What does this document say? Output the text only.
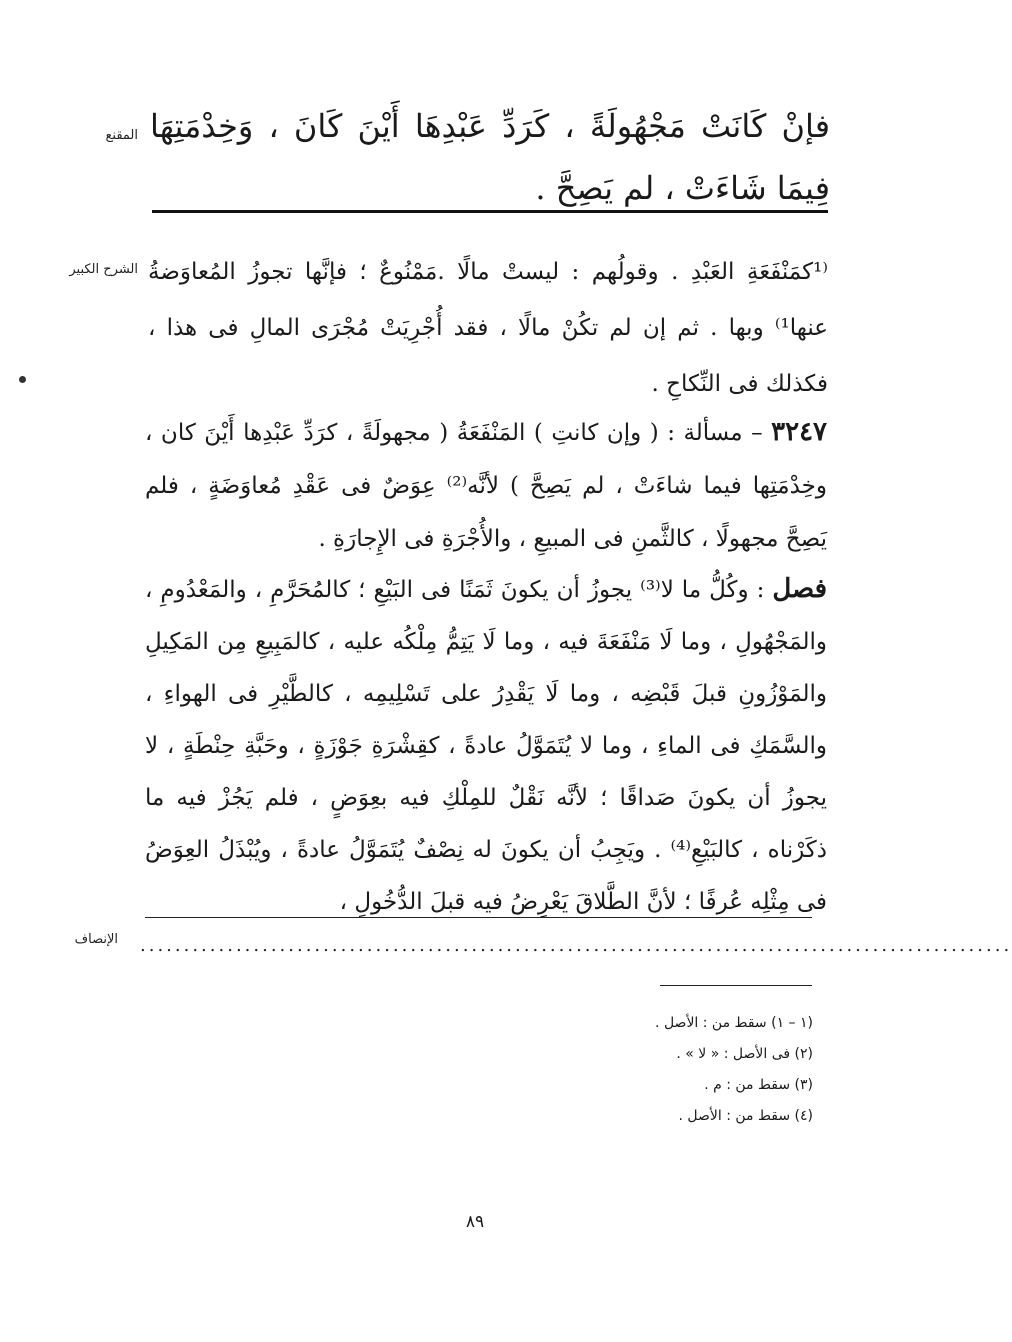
المقنع فإنْ كَانَتْ مَجْهُولَةً ، كَرَدِّ عَبْدِهَا أَيْنَ كَانَ ، وَخِدْمَتِهَا فِيمَا شَاءَتْ ، لم يَصِحَّ .
الشرح الكبير ⁽¹كمَنْفَعَةِ العَبْدِ . وقولُهم : ليستْ مالًا .مَمْنُوعٌ ؛ فإنَّها تجوزُ المُعاوَضةُ عنها¹⁾ وبها . ثم إن لم تكُنْ مالًا ، فقد أُجْرِيَتْ مُجْرَى المالِ فى هذا ، فكذلك فى النِّكاحِ .
٣٢٤٧ – مسألة : ( وإن كانتِ ) المَنْفَعَةُ ( مجهولَةً ، كرَدِّ عَبْدِها أَيْنَ كان ، وخِدْمَتِها فيما شاءَتْ ، لم يَصِحَّ ) لأنَّه⁽²⁾ عِوَضٌ فى عَقْدِ مُعاوَضَةٍ ، فلم يَصِحَّ مجهولًا ، كالثَّمنِ فى المبيعِ ، والأُجْرَةِ فى الإِجارَةِ .
فصل : وكُلُّ ما لا⁽³⁾ يجوزُ أن يكونَ ثَمَنًا فى البَيْعِ ؛ كالمُحَرَّمِ ، والمَعْدُومِ ، والمَجْهُولِ ، وما لَا مَنْفَعَةَ فيه ، وما لَا يَتِمُّ مِلْكُه عليه ، كالمَبِيعِ مِن المَكِيلِ والمَوْزُونِ قبلَ قَبْضِه ، وما لَا يَقْدِرُ على تَسْلِيمِه ، كالطَّيْرِ فى الهواءِ ، والسَّمَكِ فى الماءِ ، وما لا يُتَمَوَّلُ عادةً ، كقِشْرَةِ جَوْزَةٍ ، وحَبَّةِ حِنْطَةٍ ، لا يجوزُ أن يكونَ صَداقًا ؛ لأنَّه نَقْلٌ للمِلْكِ فيه بعِوَضٍ ، فلم يَجُزْ فيه ما ذكَرْناه ، كالبَيْعِ⁽⁴⁾ . ويَجِبُ أن يكونَ له نِصْفٌ يُتَمَوَّلُ عادةً ، ويُبْذَلُ العِوَضُ فى مِثْلِه عُرفًا ؛ لأنَّ الطَّلاقَ يَعْرِضُ فيه قبلَ الدُّخُولِ ،
الإنصاف ....................................................................................................
(١ – ١) سقط من : الأصل .
(٢) فى الأصل : « لا » .
(٣) سقط من : م .
(٤) سقط من : الأصل .
٨٩
